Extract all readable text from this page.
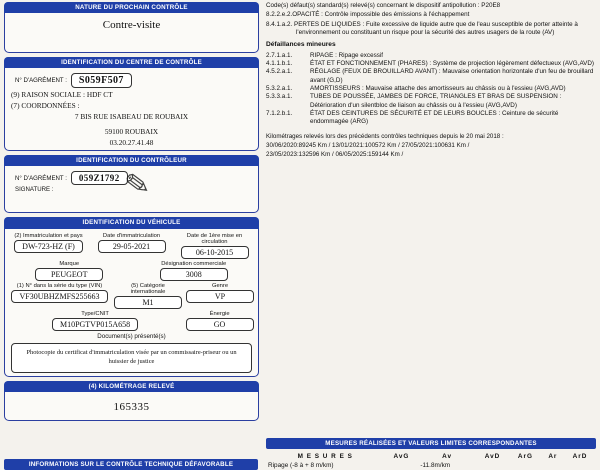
NATURE DU PROCHAIN CONTRÔLE
Contre-visite
IDENTIFICATION DU CENTRE DE CONTRÔLE
N° D'AGRÉMENT :	S059F507
(9) RAISON SOCIALE : HDF CT
(7) COORDONNÉES :
7 BIS RUE ISABEAU DE ROUBAIX
59100 ROUBAIX
03.20.27.41.48
IDENTIFICATION DU CONTRÔLEUR
N° D'AGRÉMENT :	059Z1792
SIGNATURE :	✎
IDENTIFICATION DU VÉHICULE
(2) Immatriculation et pays
DW-723-HZ (F)
Date d'immatriculation
29-05-2021
Date de 1ère mise en circulation
06-10-2015
Marque
PEUGEOT
Désignation commerciale
3008
(1) N° dans la série du type (VIN)
VF30UBHZMFS255663
(5) Catégorie internationale
M1
Genre
VP
Type/CNIT
M10PGTVP015A658
Énergie
GO
Document(s) présenté(s)
Photocopie du certificat d'immatriculation visée par un commissaire-priseur ou un huissier de justice
(4) KILOMÉTRAGE RELEVÉ
165335
INFORMATIONS SUR LE CONTRÔLE TECHNIQUE DÉFAVORABLE

Code(s) défaut(s) standard(s) relevé(s) concernant le dispositif antipollution : P20E8

8.2.2.e.2.OPACITÉ : Contrôle impossible des émissions à l'échappement

8.4.1.a.2. PERTES DE LIQUIDES : Fuite excessive de liquide autre que de l'eau susceptible de porter atteinte à l'environnement ou constituant un risque pour la sécurité des autres usagers de la route (AV)

Défaillances mineures
2.7.1.a.1.	RIPAGE : Ripage excessif
4.1.1.b.1.	ÉTAT ET FONCTIONNEMENT (PHARES) : Système de projection légèrement défectueux (AVG,AVD)
4.5.2.a.1.	RÉGLAGE (FEUX DE BROUILLARD AVANT) : Mauvaise orientation horizontale d'un feu de brouillard avant (G,D)
5.3.2.a.1.	AMORTISSEURS : Mauvaise attache des amortisseurs au châssis ou à l'essieu (AVG,AVD)
5.3.3.a.1.	TUBES DE POUSSÉE, JAMBES DE FORCE, TRIANGLES ET BRAS DE SUSPENSION : Détérioration d'un silentbloc de liaison au châssis ou à l'essieu (AVG,AVD)
7.1.2.b.1.	ÉTAT DES CEINTURES DE SÉCURITÉ ET DE LEURS BOUCLES : Ceinture de sécurité endommagée (ARG)

Kilométrages relevés lors des précédents contrôles techniques depuis le 20 mai 2018 :

30/06/2020:89245 Km / 13/01/2021:100572 Km / 27/05/2021:100631 Km /

23/05/2023:132596 Km / 06/05/2025:159144 Km /

MESURES RÉALISÉES ET VALEURS LIMITES CORRESPONDANTES
M E S U R E S	AvG	Av	AvD	ArG	Ar	ArD
Ripage (-8 à + 8 m/km)		-11.8m/km				
